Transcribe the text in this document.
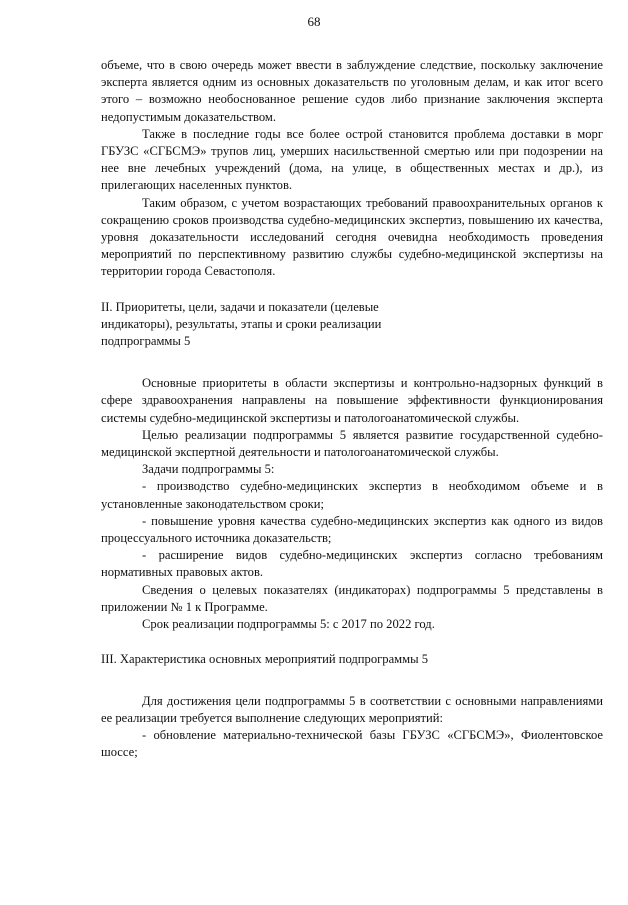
68

объеме, что в свою очередь может ввести в заблуждение следствие, поскольку заключение эксперта является одним из основных доказательств по уголовным делам, и как итог всего этого – возможно необоснованное решение судов либо признание заключения эксперта недопустимым доказательством.

Также в последние годы все более острой становится проблема доставки в морг ГБУЗС «СГБСМЭ» трупов лиц, умерших насильственной смертью или при подозрении на нее вне лечебных учреждений (дома, на улице, в общественных местах и др.), из прилегающих населенных пунктов.

Таким образом, с учетом возрастающих требований правоохранительных органов к сокращению сроков производства судебно-медицинских экспертиз, повышению их качества, уровня доказательности исследований сегодня очевидна необходимость проведения мероприятий по перспективному развитию службы судебно-медицинской экспертизы на территории города Севастополя.

II. Приоритеты, цели, задачи и показатели (целевые

индикаторы), результаты, этапы и сроки реализации

подпрограммы 5

Основные приоритеты в области экспертизы и контрольно-надзорных функций в сфере здравоохранения направлены на повышение эффективности функционирования системы судебно-медицинской экспертизы и патологоанатомической службы.

Целью реализации подпрограммы 5 является развитие государственной судебно-медицинской экспертной деятельности и патологоанатомической службы.

Задачи подпрограммы 5:

- производство судебно-медицинских экспертиз в необходимом объеме и в установленные законодательством сроки;

- повышение уровня качества судебно-медицинских экспертиз как одного из видов процессуального источника доказательств;

- расширение видов судебно-медицинских экспертиз согласно требованиям нормативных правовых актов.

Сведения о целевых показателях (индикаторах) подпрограммы 5 представлены в приложении № 1 к Программе.

Срок реализации подпрограммы 5: с 2017 по 2022 год.

III. Характеристика основных мероприятий подпрограммы 5

Для достижения цели подпрограммы 5 в соответствии с основными направлениями ее реализации требуется выполнение следующих мероприятий:

- обновление материально-технической базы ГБУЗС «СГБСМЭ», Фиолентовское шоссе;
